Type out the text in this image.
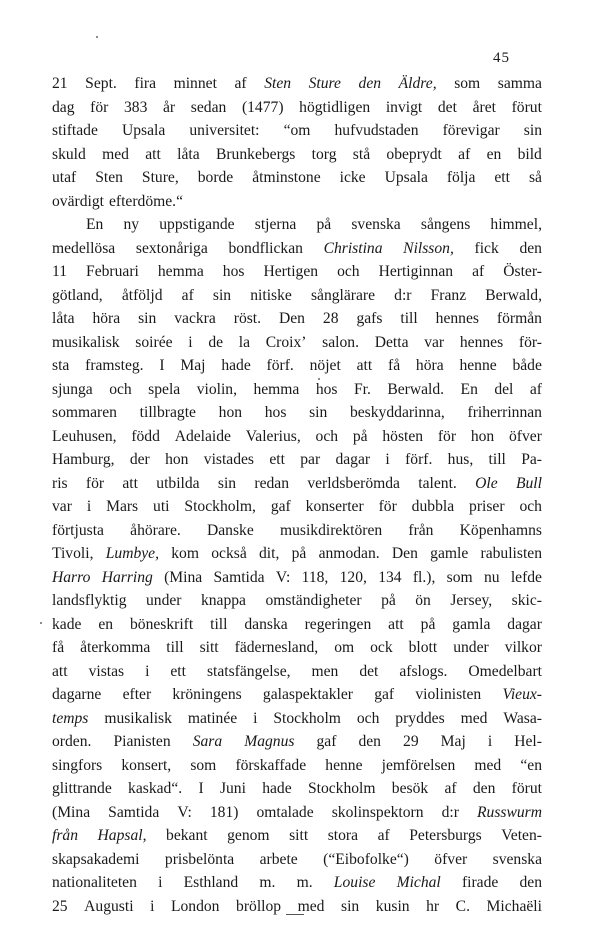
45
21 Sept. fira minnet af Sten Sture den Äldre, som samma
dag för 383 år sedan (1477) högtidligen invigt det året förut
stiftade Upsala universitet: “om hufvudstaden förevigar sin
skuld med att låta Brunkebergs torg stå obeprydt af en bild
utaf Sten Sture, borde åtminstone icke Upsala följa ett så
ovärdigt efterdöme.“
En ny uppstigande stjerna på svenska sångens himmel,
medellösa sextonåriga bondflickan Christina Nilsson, fick den
11 Februari hemma hos Hertigen och Hertiginnan af Öster-
götland, åtföljd af sin nitiske sånglärare d:r Franz Berwald,
låta höra sin vackra röst. Den 28 gafs till hennes förmån
musikalisk soirée i de la Croix’ salon. Detta var hennes för-
sta framsteg. I Maj hade förf. nöjet att få höra henne både
sjunga och spela violin, hemma hos Fr. Berwald. En del af
sommaren tillbragte hon hos sin beskyddarinna, friherrinnan
Leuhusen, född Adelaide Valerius, och på hösten för hon öfver
Hamburg, der hon vistades ett par dagar i förf. hus, till Pa-
ris för att utbilda sin redan verldsberömda talent. Ole Bull
var i Mars uti Stockholm, gaf konserter för dubbla priser och
förtjusta åhörare. Danske musikdirektören från Köpenhamns
Tivoli, Lumbye, kom också dit, på anmodan. Den gamle rabulisten
Harro Harring (Mina Samtida V: 118, 120, 134 fl.), som nu lefde
landsflyktig under knappa omständigheter på ön Jersey, skic-
kade en böneskrift till danska regeringen att på gamla dagar
få återkomma till sitt fädernesland, om ock blott under vilkor
att vistas i ett statsfängelse, men det afslogs. Omedelbart
dagarne efter kröningens galaspektakler gaf violinisten Vieux-
temps musikalisk matinée i Stockholm och pryddes med Wasa-
orden. Pianisten Sara Magnus gaf den 29 Maj i Hel-
singfors konsert, som förskaffade henne jemförelsen med “en
glittrande kaskad“. I Juni hade Stockholm besök af den förut
(Mina Samtida V: 181) omtalade skolinspektorn d:r Russwurm
från Hapsal, bekant genom sitt stora af Petersburgs Veten-
skapsakademi prisbelönta arbete (“Eibofolke“) öfver svenska
nationaliteten i Esthland m. m. Louise Michal firade den
25 Augusti i London bröllop med sin kusin hr C. Michaëli
